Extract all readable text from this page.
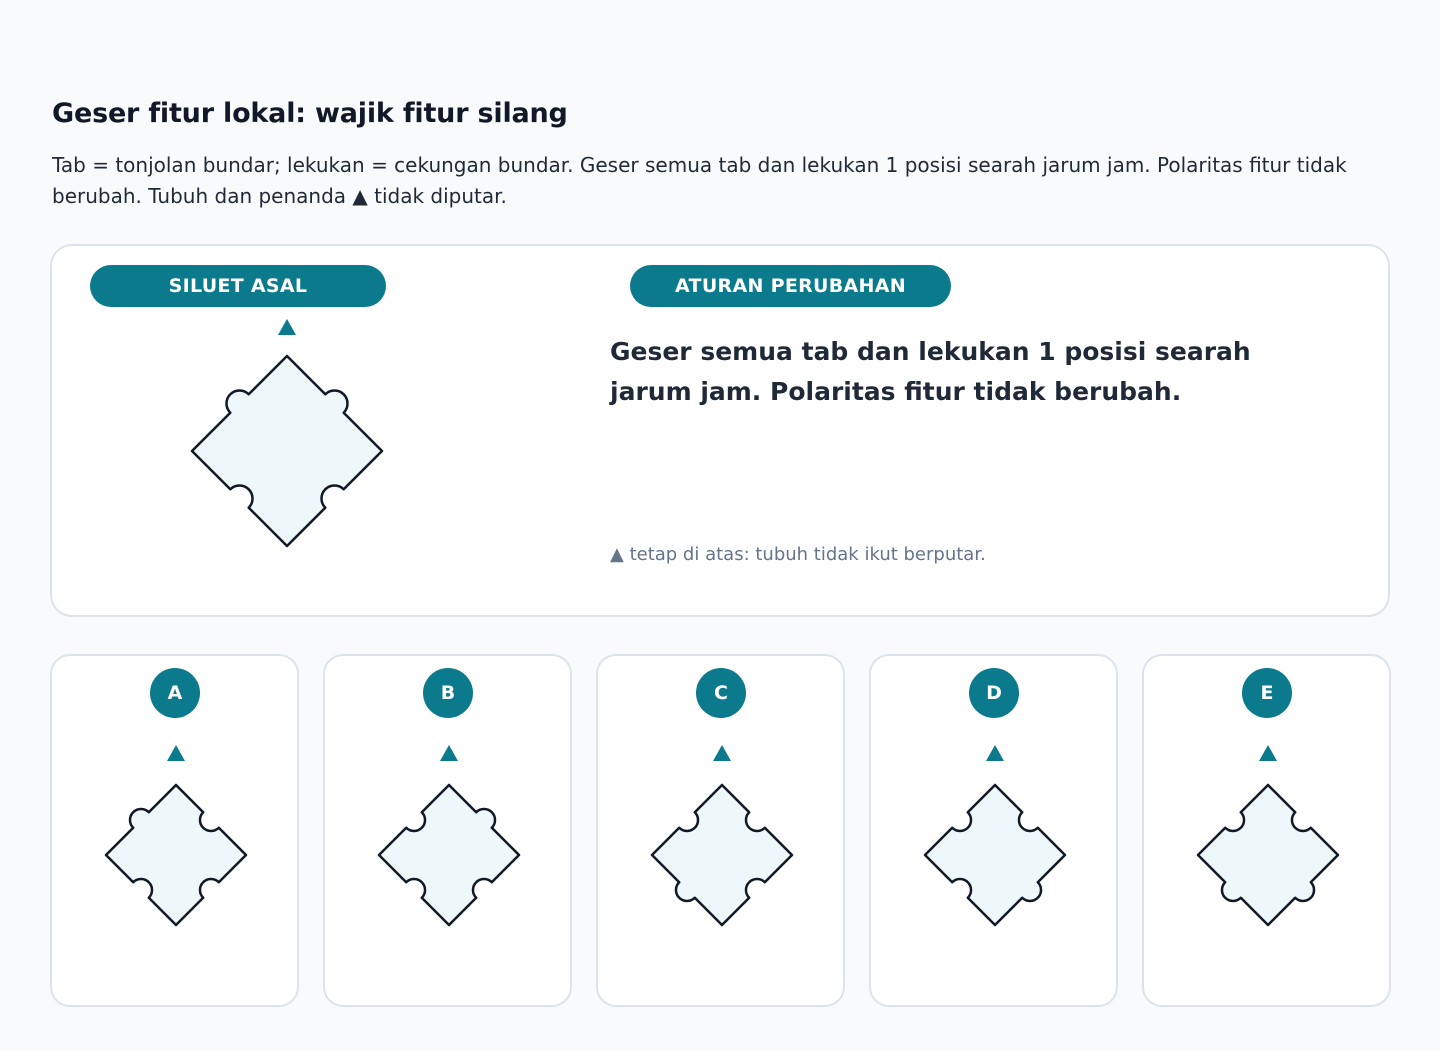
Geser fitur lokal: wajik fitur silang

Tab = tonjolan bundar; lekukan = cekungan bundar. Geser semua tab dan lekukan 1 posisi searah jarum jam. Polaritas fitur tidak berubah. Tubuh dan penanda ▲ tidak diputar.

SILUET ASAL	ATURAN PERUBAHAN
Geser semua tab dan lekukan 1 posisi searah jarum jam. Polaritas fitur tidak berubah.
▲ tetap di atas: tubuh tidak ikut berputar.
A	B	C	D	E
